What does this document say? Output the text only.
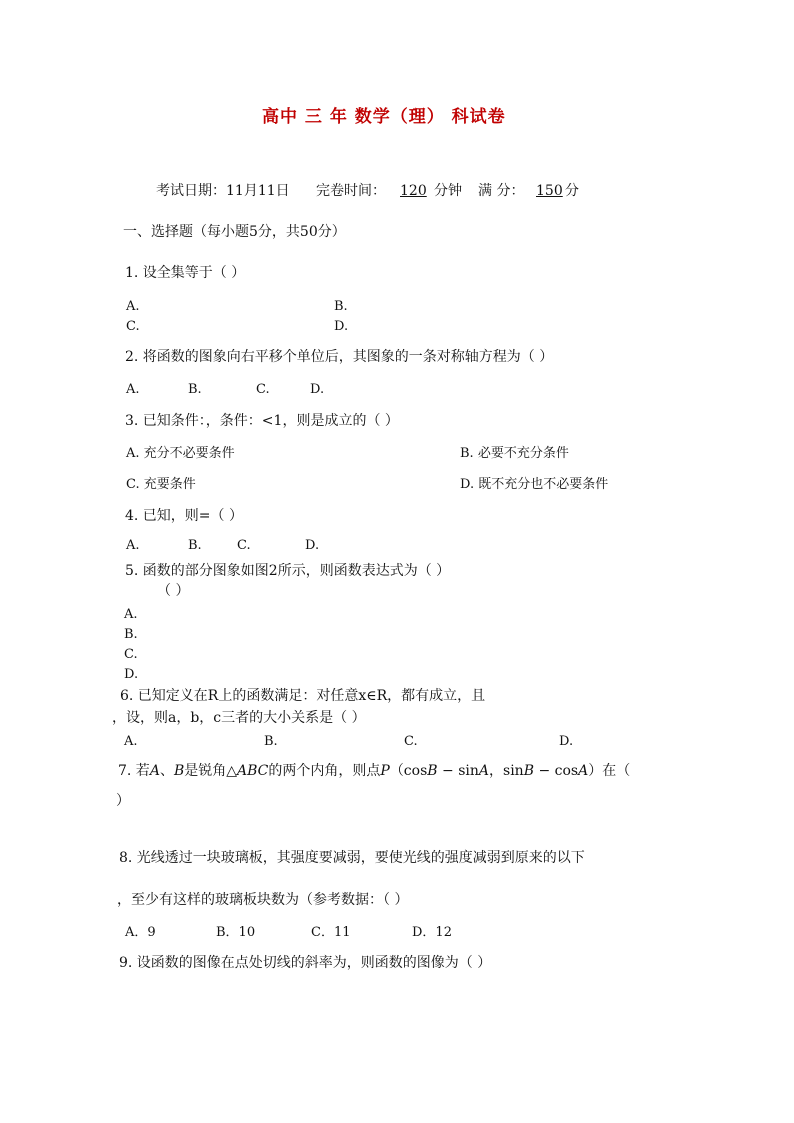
高中 三 年 数学（理） 科试卷
考试日期：11月11日 完卷时间： 120 分钟 满 分： 150 分
一、选择题（每小题5分，共50分）
1. 设全集等于（ ）
A.	B.
C.	D.
2. 将函数的图象向右平移个单位后，其图象的一条对称轴方程为（ ）
A.	B.	C.	D.
3. 已知条件：，条件：<1，则是成立的（ ）
A. 充分不必要条件	B. 必要不充分条件
C. 充要条件	D. 既不充分也不必要条件
4. 已知，则=（ ）
A.	B.	C.	D.
5. 函数的部分图象如图2所示，则函数表达式为（ ）
（ ）
A.
B.
C.
D.
6. 已知定义在R上的函数满足：对任意x∈R，都有成立，且
，设，则a，b，c三者的大小关系是（ ）
A.	B.	C.	D.
7. 若A、B是锐角△ABC的两个内角，则点P（cosB − sinA，sinB − cosA）在（
）
8. 光线透过一块玻璃板，其强度要减弱，要使光线的强度减弱到原来的以下
，至少有这样的玻璃板块数为（参考数据：（ ）
A．9	B．10	C．11	D．12
9. 设函数的图像在点处切线的斜率为，则函数的图像为（ ）
